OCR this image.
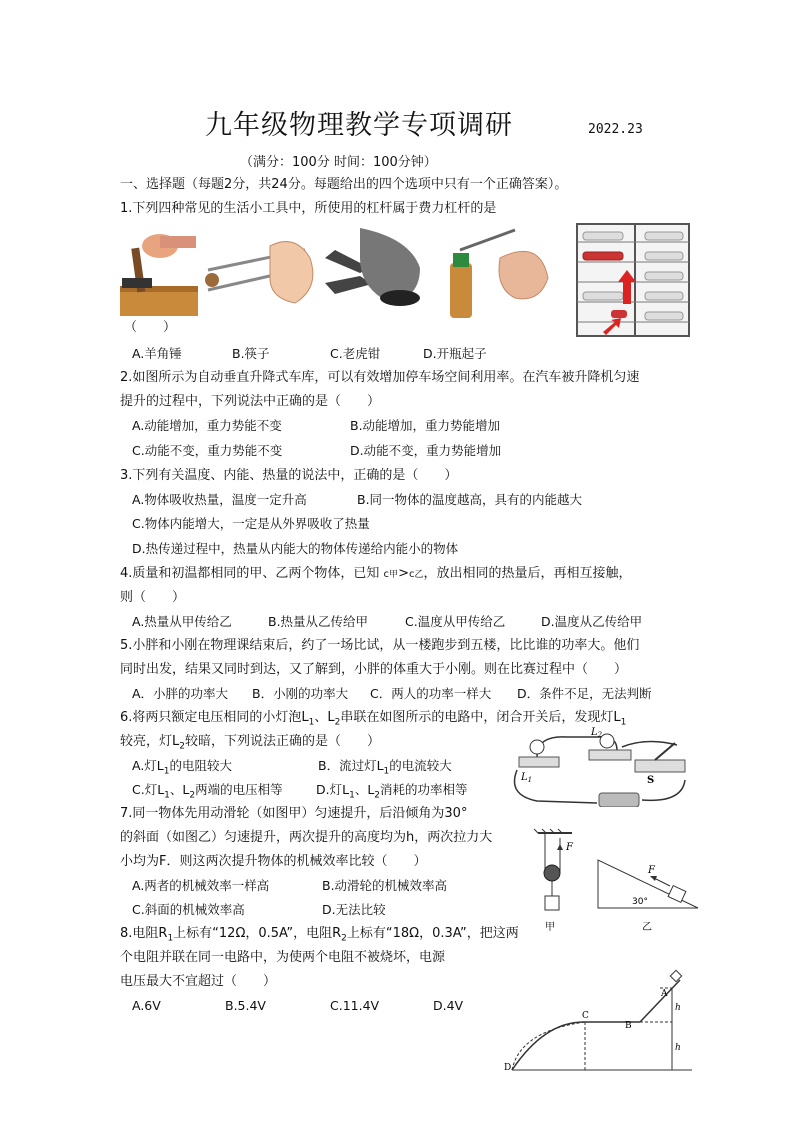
九年级物理教学专项调研	2022.23
（满分：100分 时间：100分钟）
一、选择题（每题2分，共24分。每题给出的四个选项中只有一个正确答案）。
1.下列四种常见的生活小工具中，所使用的杠杆属于费力杠杆的是
（　　）
A.羊角锤	B.筷子	C.老虎钳	D.开瓶起子
2.如图所示为自动垂直升降式车库，可以有效增加停车场空间利用率。在汽车被升降机匀速
提升的过程中，下列说法中正确的是（　　）
A.动能增加，重力势能不变	B.动能增加，重力势能增加
C.动能不变，重力势能不变	D.动能不变，重力势能增加
3.下列有关温度、内能、热量的说法中，正确的是（　　）
A.物体吸收热量，温度一定升高	B.同一物体的温度越高，具有的内能越大
C.物体内能增大，一定是从外界吸收了热量
D.热传递过程中，热量从内能大的物体传递给内能小的物体
4.质量和初温都相同的甲、乙两个物体，已知 c甲>c乙，放出相同的热量后，再相互接触，
则（　　）
A.热量从甲传给乙	B.热量从乙传给甲	C.温度从甲传给乙	D.温度从乙传给甲
5.小胖和小刚在物理课结束后，约了一场比试，从一楼跑步到五楼，比比谁的功率大。他们
同时出发，结果又同时到达，又了解到，小胖的体重大于小刚。则在比赛过程中（　　）
A．小胖的功率大 B．小刚的功率大 C．两人的功率一样大 D．条件不足，无法判断
6.将两只额定电压相同的小灯泡$L_1$、$L_2$串联在如图所示的电路中，闭合开关后，发现灯$L_1$
较亮，灯$L_2$较暗，下列说法正确的是（　　）
A.灯$L_1$的电阻较大	B．流过灯$L_1$的电流较大
C.灯$L_1$、$L_2$两端的电压相等	D.灯$L_1$、$L_2$消耗的功率相等
$L_1$
$L_2$
S
7.同一物体先用动滑轮（如图甲）匀速提升，后沿倾角为30°
的斜面（如图乙）匀速提升，两次提升的高度均为h，两次拉力大
小均为F．则这两次提升物体的机械效率比较（　　）
A.两者的机械效率一样高	B.动滑轮的机械效率高
C.斜面的机械效率高	D.无法比较
F
甲
F
30°
乙
8.电阻$R_1$上标有“12Ω，0.5A”，电阻$R_2$上标有“18Ω，0.3A”，把这两
个电阻并联在同一电路中，为使两个电阻不被烧坏，电源
电压最大不宜超过（　　）
A.6V	B.5.4V	C.11.4V	D.4V
A
B
C
D
h
h
